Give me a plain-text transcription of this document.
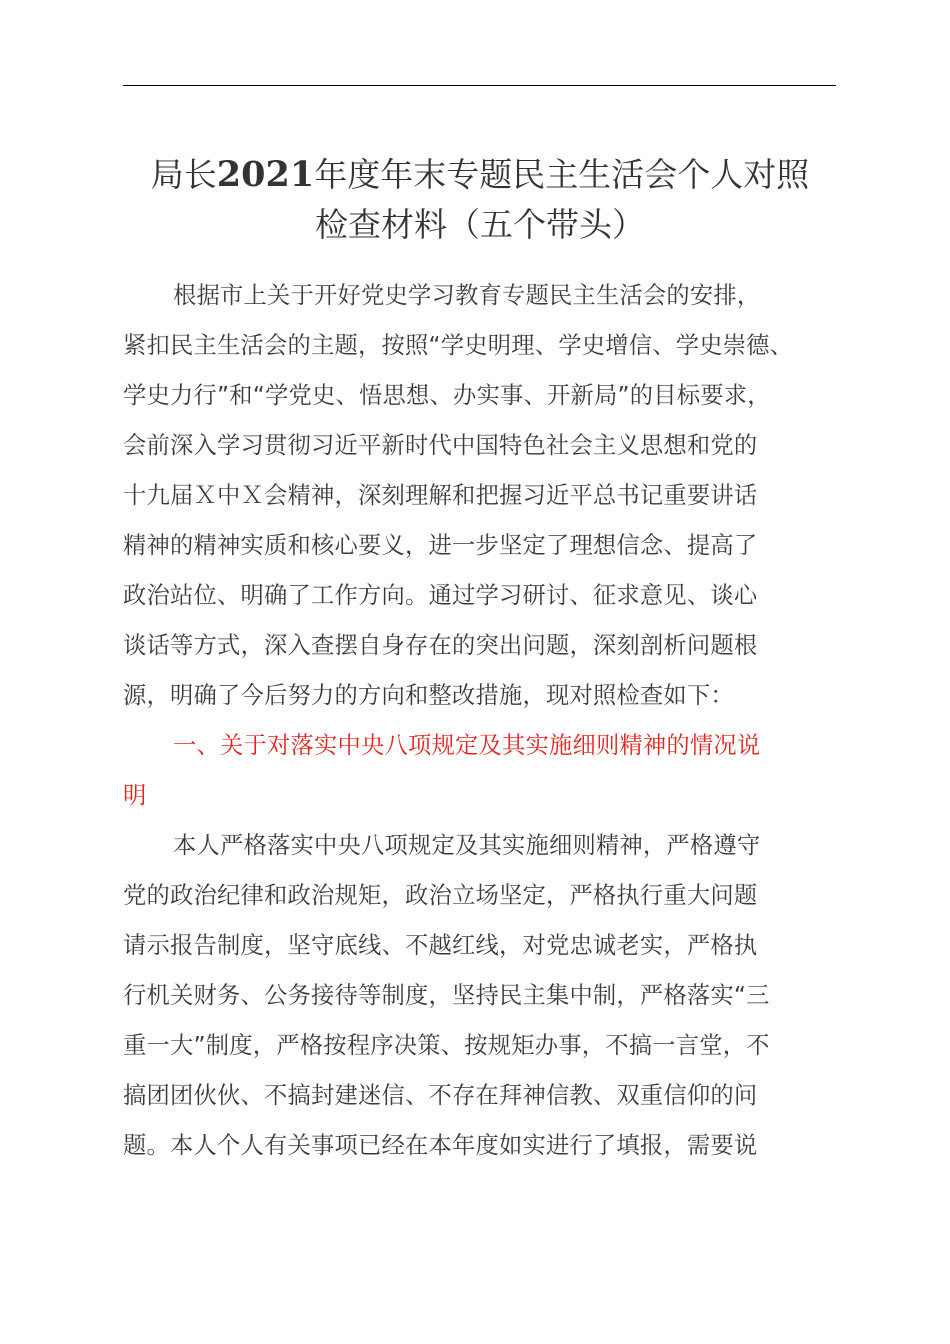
局长2021年度年末专题民主生活会个人对照
检查材料（五个带头）
根据市上关于开好党史学习教育专题民主生活会的安排，
紧扣民主生活会的主题，按照“学史明理、学史增信、学史崇德、
学史力行”和“学党史、悟思想、办实事、开新局”的目标要求，
会前深入学习贯彻习近平新时代中国特色社会主义思想和党的
十九届Ｘ中Ｘ会精神，深刻理解和把握习近平总书记重要讲话
精神的精神实质和核心要义，进一步坚定了理想信念、提高了
政治站位、明确了工作方向。通过学习研讨、征求意见、谈心
谈话等方式，深入查摆自身存在的突出问题，深刻剖析问题根
源，明确了今后努力的方向和整改措施，现对照检查如下：
一、关于对落实中央八项规定及其实施细则精神的情况说
明
本人严格落实中央八项规定及其实施细则精神，严格遵守
党的政治纪律和政治规矩，政治立场坚定，严格执行重大问题
请示报告制度，坚守底线、不越红线，对党忠诚老实，严格执
行机关财务、公务接待等制度，坚持民主集中制，严格落实“三
重一大”制度，严格按程序决策、按规矩办事，不搞一言堂，不
搞团团伙伙、不搞封建迷信、不存在拜神信教、双重信仰的问
题。本人个人有关事项已经在本年度如实进行了填报，需要说
